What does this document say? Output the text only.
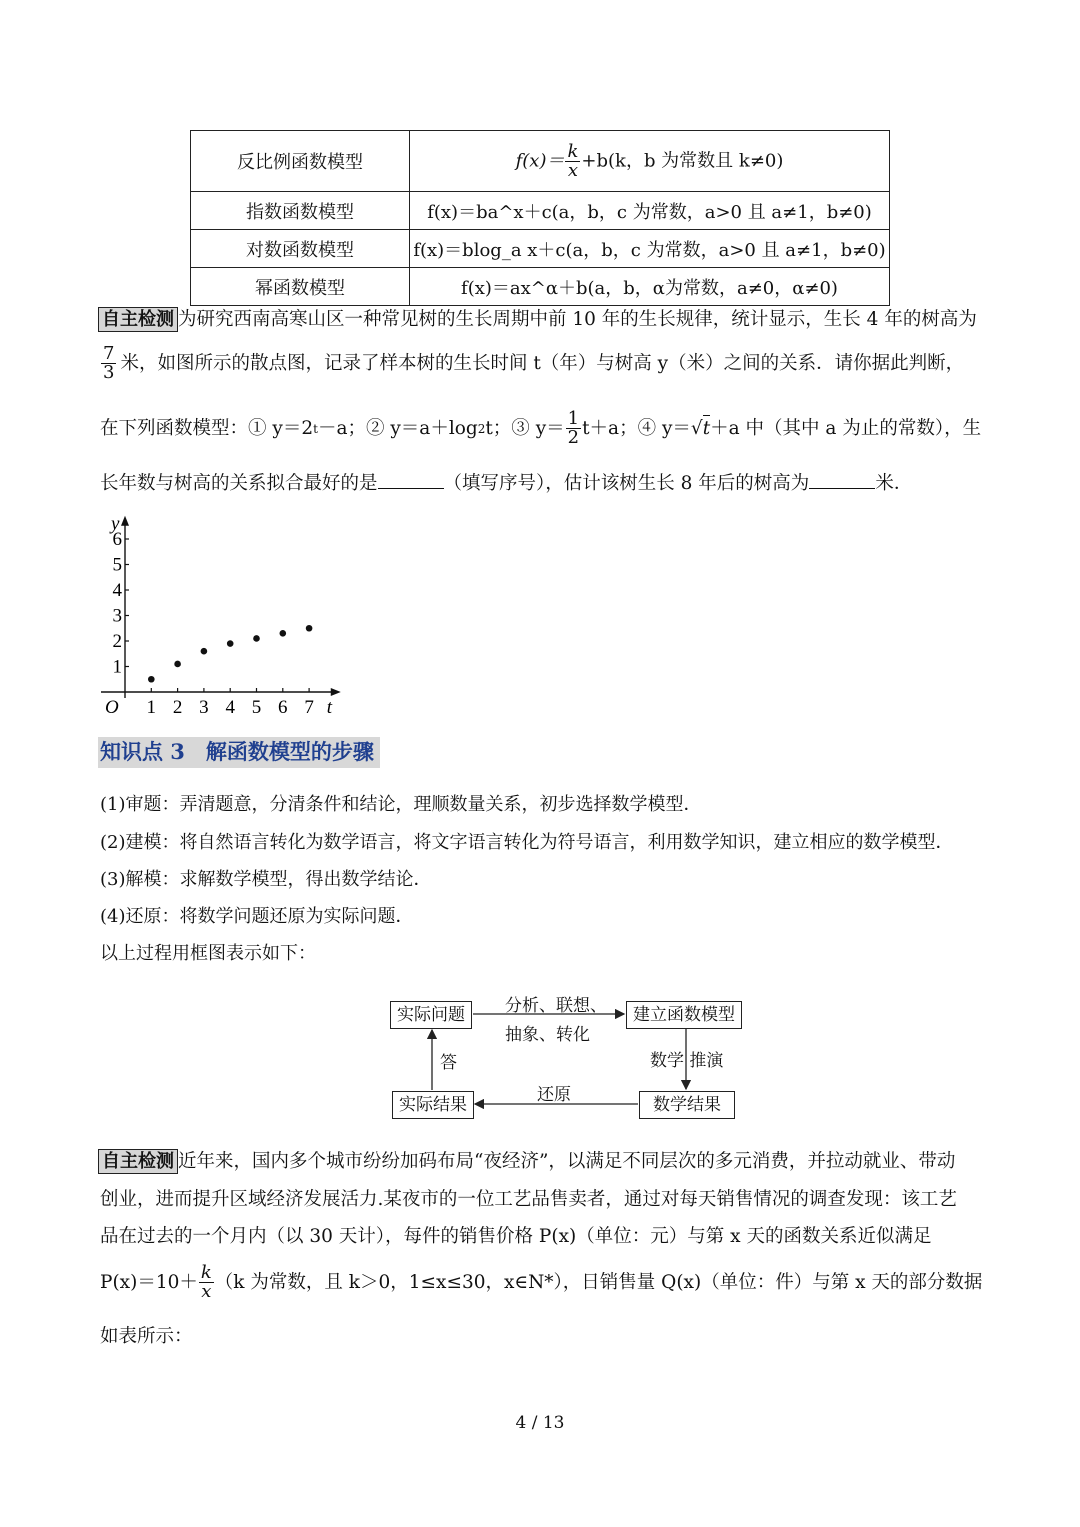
反比例函数模型	$f(x)= \frac{k}{x} +b(k$，b 为常数且 k≠0)
指数函数模型	f(x)＝ba^x＋c(a，b，c 为常数，a>0 且 a≠1，b≠0)
对数函数模型	f(x)＝blog_a x＋c(a，b，c 为常数，a>0 且 a≠1，b≠0)
幂函数模型	f(x)＝ax^α＋b(a，b，α为常数，a≠0，α≠0)
自主检测 为研究西南高寒山区一种常见树的生长周期中前 10 年的生长规律，统计显示，生长 4 年的树高为
$\frac{7}{3}$ 米，如图所示的散点图，记录了样本树的生长时间 t（年）与树高 y（米）之间的关系．请你据此判断，
在下列函数模型：① y＝2 t －a；② y＝a＋log 2 t；③ $y= \frac{1}{2} t+a$；④ y＝ √ t ＋a 中（其中 a 为止的常数），生
长年数与树高的关系拟合最好的是	（填写序号），估计该树生长 8 年后的树高为	米．
1 2 3 4 5 6 7
1
2
3
4
5
6
O	t
y
知识点 3　解函数模型的步骤
(1)审题：弄清题意，分清条件和结论，理顺数量关系，初步选择数学模型．
(2)建模：将自然语言转化为数学语言，将文字语言转化为符号语言，利用数学知识，建立相应的数学模型．
(3)解模：求解数学模型，得出数学结论．
(4)还原：将数学问题还原为实际问题．
以上过程用框图表示如下：
实际问题	建立函数模型
数学结果
实际结果
分析、联想、
抽象、转化
数学 推演
还原
答
自主检测 近年来，国内多个城市纷纷加码布局“夜经济”，以满足不同层次的多元消费，并拉动就业、带动
创业，进而提升区域经济发展活力.某夜市的一位工艺品售卖者，通过对每天销售情况的调查发现：该工艺
品在过去的一个月内（以 30 天计），每件的销售价格 P(x)（单位：元）与第 x 天的函数关系近似满足
$P(x)=10+ \frac{k}{x} (k$ 为常数，且 k＞0，1≤x≤30，x∈N*），日销售量 Q(x)（单位：件）与第 x 天的部分数据
如表所示：
4 / 13
